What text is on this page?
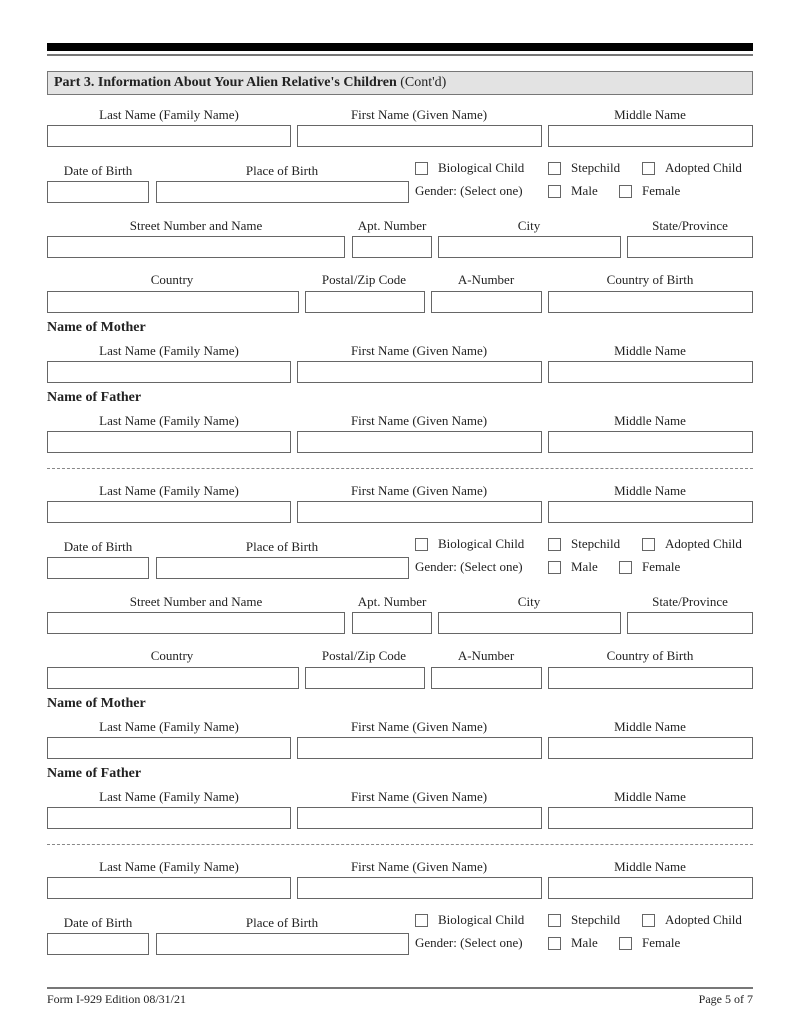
Part 3. Information About Your Alien Relative's Children (Cont'd)
Last Name (Family Name)	First Name (Given Name)	Middle Name
Date of Birth	Place of Birth	Biological Child	Stepchild	Adopted Child
Gender: (Select one)	Male	Female
Street Number and Name	Apt. Number	City	State/Province
Country	Postal/Zip Code	A-Number	Country of Birth
Name of Mother
Last Name (Family Name)	First Name (Given Name)	Middle Name
Name of Father
Last Name (Family Name)	First Name (Given Name)	Middle Name
Last Name (Family Name)	First Name (Given Name)	Middle Name
Date of Birth	Place of Birth	Biological Child	Stepchild	Adopted Child
Gender: (Select one)	Male	Female
Street Number and Name	Apt. Number	City	State/Province
Country	Postal/Zip Code	A-Number	Country of Birth
Name of Mother
Last Name (Family Name)	First Name (Given Name)	Middle Name
Name of Father
Last Name (Family Name)	First Name (Given Name)	Middle Name
Last Name (Family Name)	First Name (Given Name)	Middle Name
Date of Birth	Place of Birth	Biological Child	Stepchild	Adopted Child
Gender: (Select one)	Male	Female
Form I-929 Edition 08/31/21	Page 5 of 7
